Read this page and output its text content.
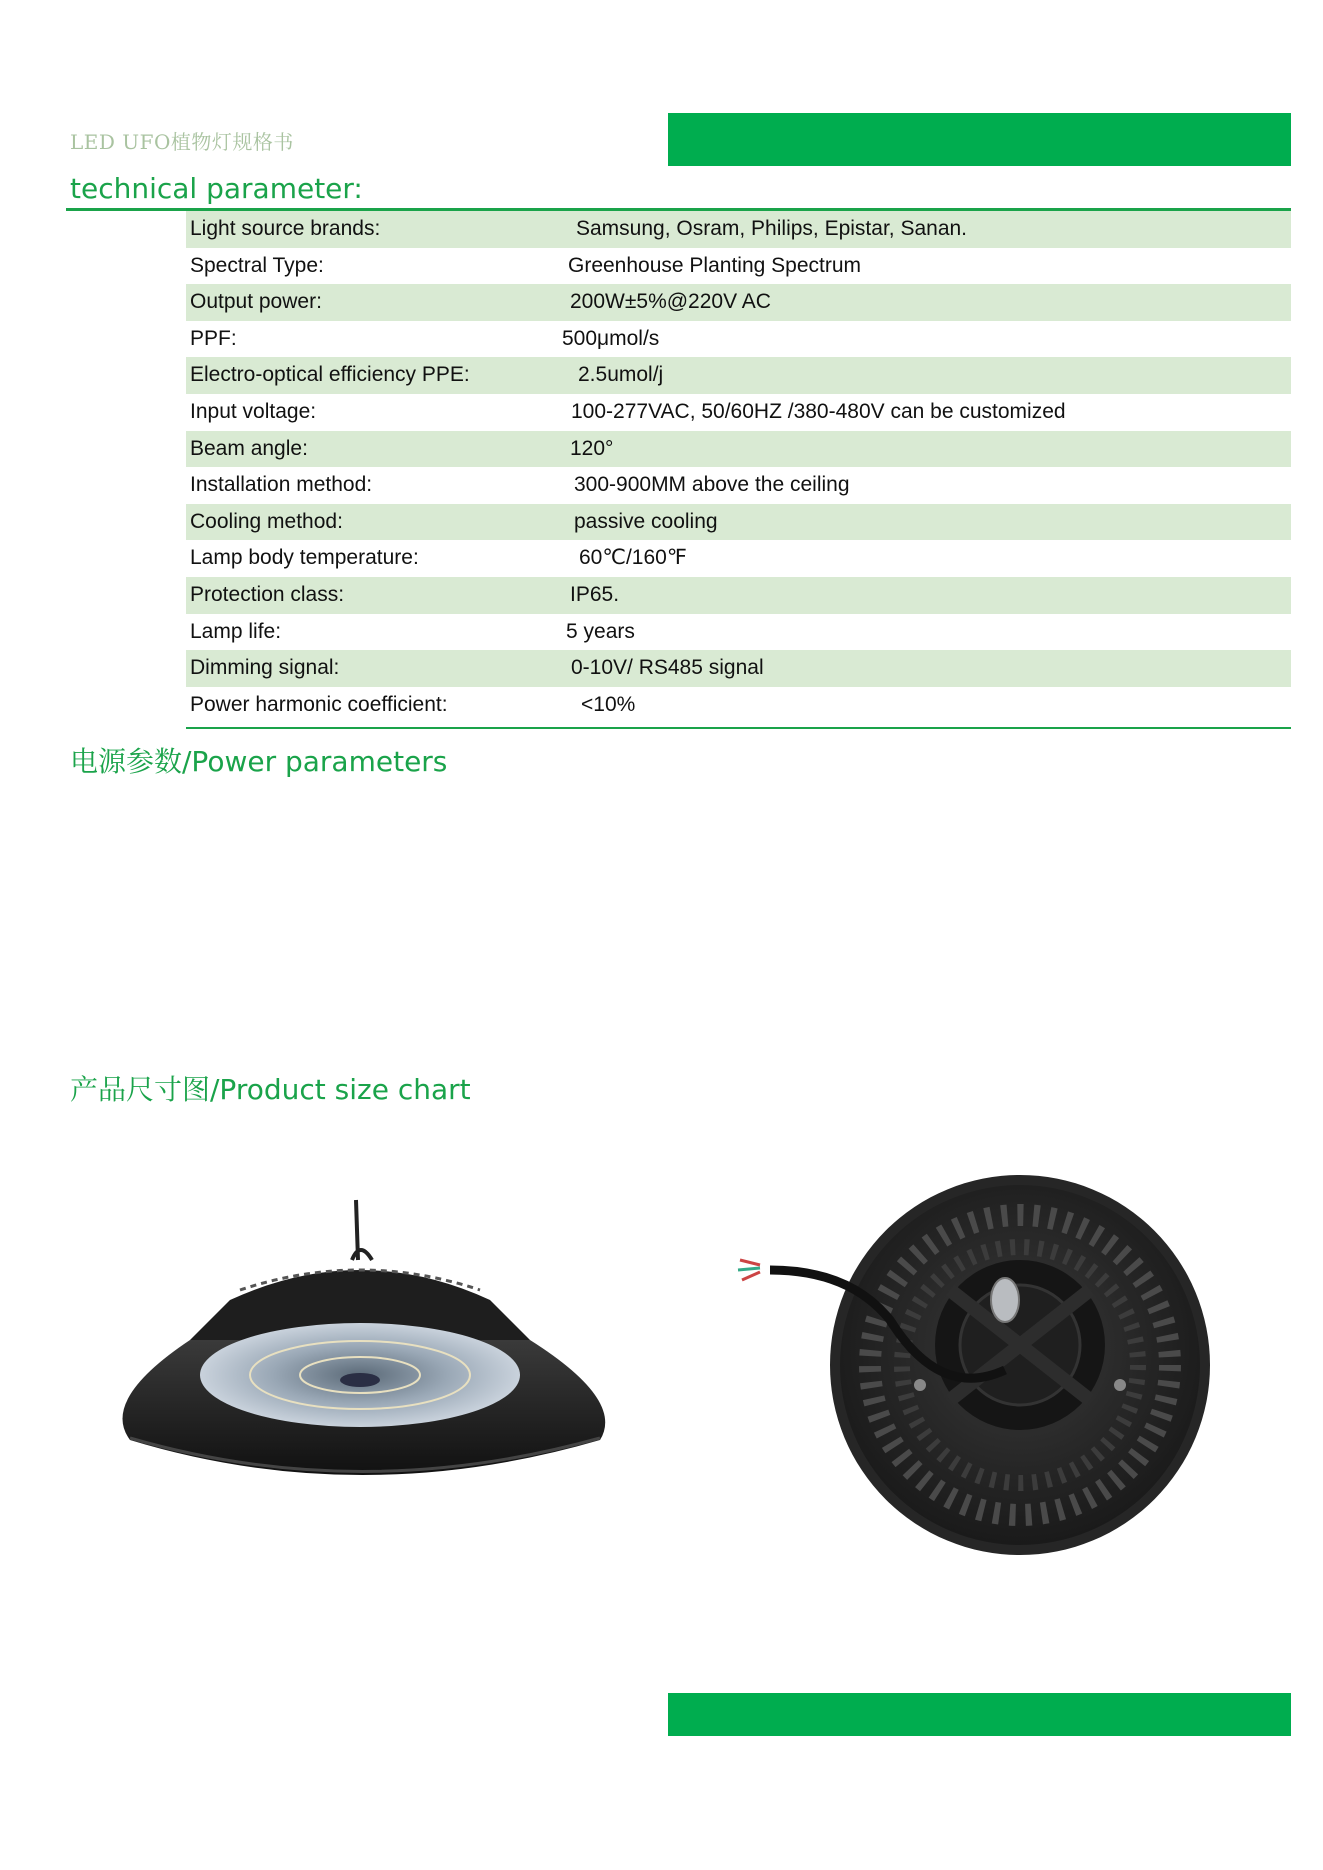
LED UFO植物灯规格书
technical parameter:
Light source brands:	Samsung, Osram, Philips, Epistar, Sanan.
Spectral Type:	Greenhouse Planting Spectrum
Output power:	200W±5%@220V AC
PPF:	500μmol/s
Electro-optical efficiency PPE:	2.5umol/j
Input voltage:	100-277VAC, 50/60HZ /380-480V can be customized
Beam angle:	120°
Installation method:	300-900MM above the ceiling
Cooling method:	passive cooling
Lamp body temperature:	60℃/160℉
Protection class:	IP65.
Lamp life:	5 years
Dimming signal:	0-10V/ RS485 signal
Power harmonic coefficient:	<10%
电源参数/Power parameters
产品尺寸图/Product size chart
